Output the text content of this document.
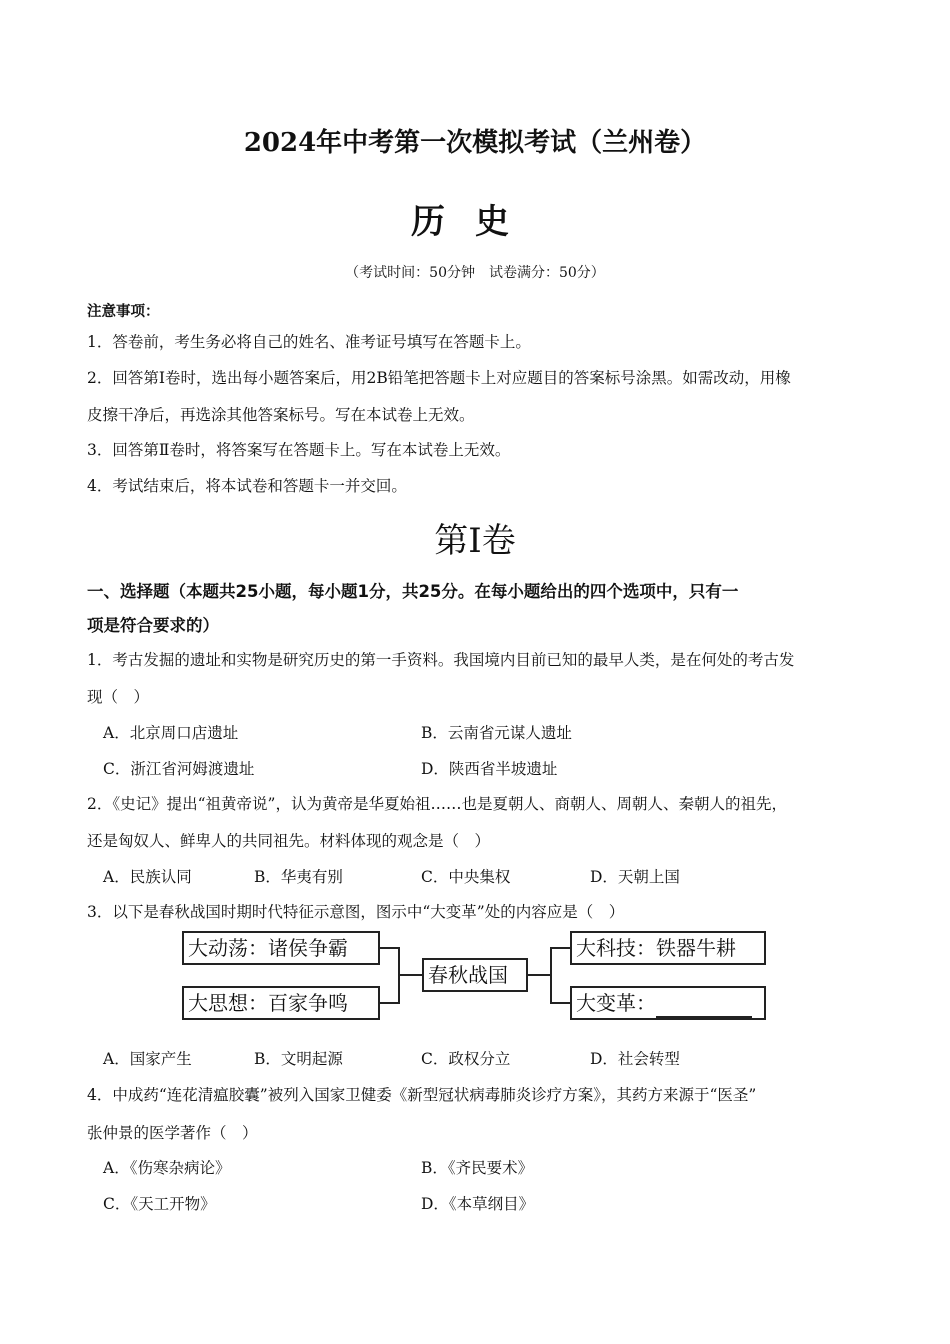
2024年中考第一次模拟考试（兰州卷）
历史
（考试时间：50分钟　试卷满分：50分）
注意事项：
1．答卷前，考生务必将自己的姓名、准考证号填写在答题卡上。
2．回答第Ⅰ卷时，选出每小题答案后，用2B铅笔把答题卡上对应题目的答案标号涂黑。如需改动，用橡
皮擦干净后，再选涂其他答案标号。写在本试卷上无效。
3．回答第Ⅱ卷时，将答案写在答题卡上。写在本试卷上无效。
4．考试结束后，将本试卷和答题卡一并交回。
第Ⅰ卷
一、选择题（本题共25小题，每小题1分，共25分。在每小题给出的四个选项中，只有一
项是符合要求的）
1．考古发掘的遗址和实物是研究历史的第一手资料。我国境内目前已知的最早人类，是在何处的考古发
现（　）
A．北京周口店遗址	B．云南省元谋人遗址
C．浙江省河姆渡遗址	D．陕西省半坡遗址
2．《史记》提出“祖黄帝说”，认为黄帝是华夏始祖……也是夏朝人、商朝人、周朝人、秦朝人的祖先，
还是匈奴人、鲜卑人的共同祖先。材料体现的观念是（　）
A．民族认同	B．华夷有别	C．中央集权	D．天朝上国
3．以下是春秋战国时期时代特征示意图，图示中“大变革”处的内容应是（　）
大动荡：诸侯争霸
大思想：百家争鸣
春秋战国
大科技：铁器牛耕
大变革：
A．国家产生	B．文明起源	C．政权分立	D．社会转型
4．中成药“连花清瘟胶囊”被列入国家卫健委《新型冠状病毒肺炎诊疗方案》，其药方来源于“医圣”
张仲景的医学著作（　）
A．《伤寒杂病论》	B．《齐民要术》
C．《天工开物》	D．《本草纲目》
